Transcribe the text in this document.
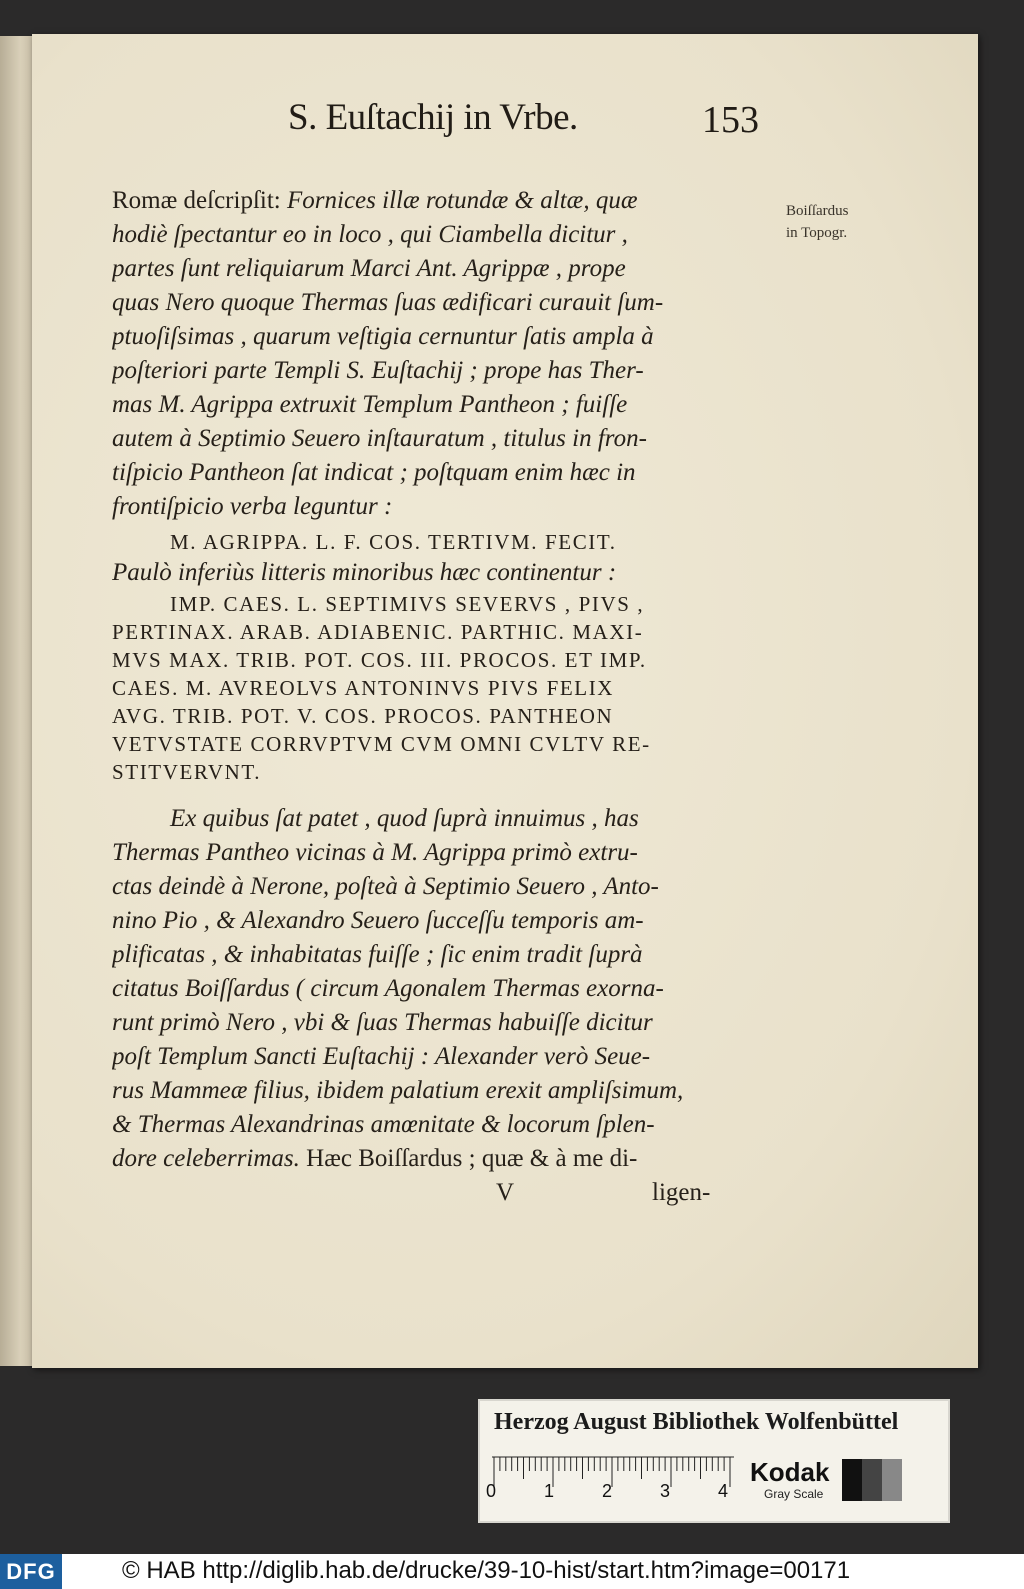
S. Euſtachij in Vrbe.	153
Boiſſardus
in Topogr.
Romæ deſcripſit: Fornices illæ rotundæ & altæ, quæ
hodiè ſpectantur eo in loco , qui Ciambella dicitur ,
partes ſunt reliquiarum Marci Ant. Agrippæ , prope
quas Nero quoque Thermas ſuas ædificari curauit ſum-
ptuoſiſsimas , quarum veſtigia cernuntur ſatis ampla à
poſteriori parte Templi S. Euſtachij ; prope has Ther-
mas M. Agrippa extruxit Templum Pantheon ; fuiſſe
autem à Septimio Seuero inſtauratum , titulus in fron-
tiſpicio Pantheon ſat indicat ; poſtquam enim hæc in
frontiſpicio verba leguntur :
M. AGRIPPA. L. F. COS. TERTIVM. FECIT.
Paulò inferiùs litteris minoribus hæc continentur :
IMP. CAES. L. SEPTIMIVS SEVERVS , PIVS ,
PERTINAX. ARAB. ADIABENIC. PARTHIC. MAXI-
MVS MAX. TRIB. POT. COS. III. PROCOS. ET IMP.
CAES. M. AVREOLVS ANTONINVS PIVS FELIX
AVG. TRIB. POT. V. COS. PROCOS. PANTHEON
VETVSTATE CORRVPTVM CVM OMNI CVLTV RE-
STITVERVNT.
Ex quibus ſat patet , quod ſuprà innuimus , has
Thermas Pantheo vicinas à M. Agrippa primò extru-
ctas deindè à Nerone, poſteà à Septimio Seuero , Anto-
nino Pio , & Alexandro Seuero ſucceſſu temporis am-
plificatas , & inhabitatas fuiſſe ; ſic enim tradit ſuprà
citatus Boiſſardus ( circum Agonalem Thermas exorna-
runt primò Nero , vbi & ſuas Thermas habuiſſe dicitur
poſt Templum Sancti Euſtachij : Alexander verò Seue-
rus Mammeæ filius, ibidem palatium erexit ampliſsimum,
& Thermas Alexandrinas amœnitate & locorum ſplen-
dore celeberrimas. Hæc Boiſſardus ; quæ & à me di-
V	ligen-
Herzog August Bibliothek Wolfenbüttel
0	1	2	3	4
Kodak
Gray Scale
DFG	© HAB http://diglib.hab.de/drucke/39-10-hist/start.htm?image=00171
